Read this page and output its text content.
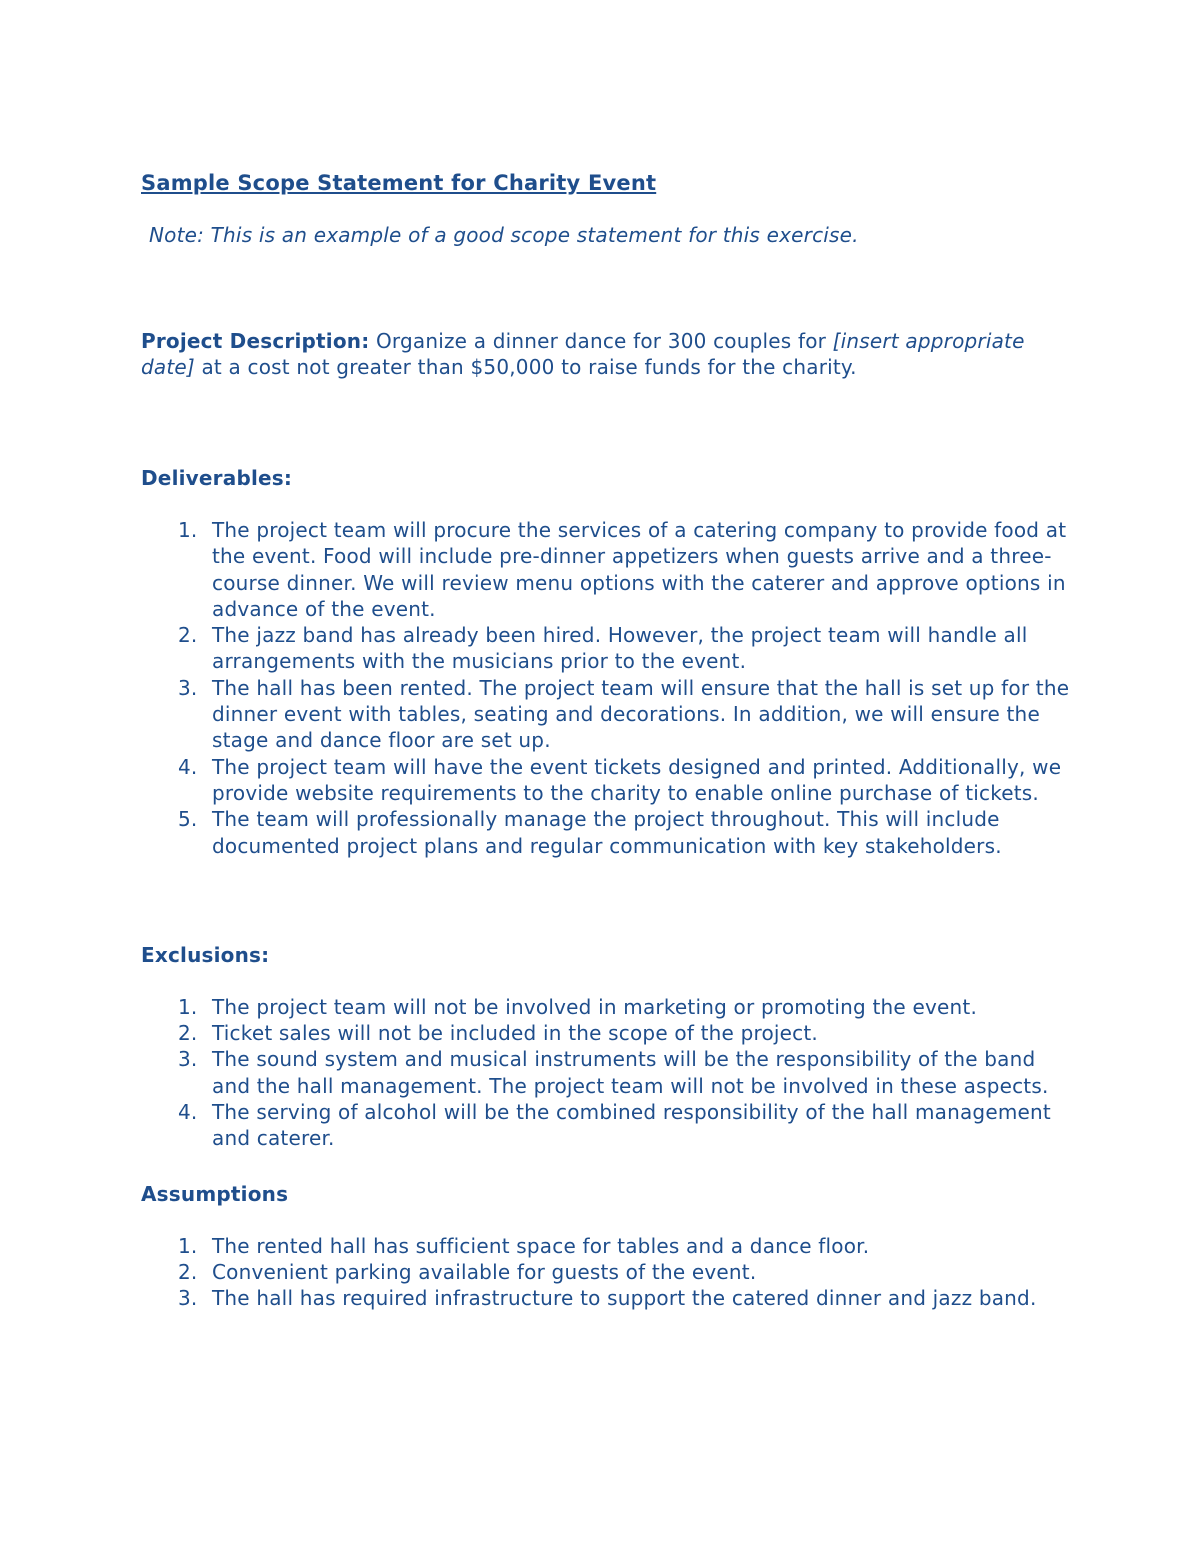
Sample Scope Statement for Charity Event

Note: This is an example of a good scope statement for this exercise.

Project Description: Organize a dinner dance for 300 couples for [insert appropriate date] at a cost not greater than $50,000 to raise funds for the charity.

Deliverables:

1. The project team will procure the services of a catering company to provide food at the event. Food will include pre-dinner appetizers when guests arrive and a three-course dinner. We will review menu options with the caterer and approve options in advance of the event.
2. The jazz band has already been hired. However, the project team will handle all arrangements with the musicians prior to the event.
3. The hall has been rented. The project team will ensure that the hall is set up for the dinner event with tables, seating and decorations. In addition, we will ensure the stage and dance floor are set up.
4. The project team will have the event tickets designed and printed. Additionally, we provide website requirements to the charity to enable online purchase of tickets.
5. The team will professionally manage the project throughout. This will include documented project plans and regular communication with key stakeholders.

Exclusions:

1. The project team will not be involved in marketing or promoting the event.
2. Ticket sales will not be included in the scope of the project.
3. The sound system and musical instruments will be the responsibility of the band and the hall management. The project team will not be involved in these aspects.
4. The serving of alcohol will be the combined responsibility of the hall management and caterer.

Assumptions

1. The rented hall has sufficient space for tables and a dance floor.
2. Convenient parking available for guests of the event.
3. The hall has required infrastructure to support the catered dinner and jazz band.
